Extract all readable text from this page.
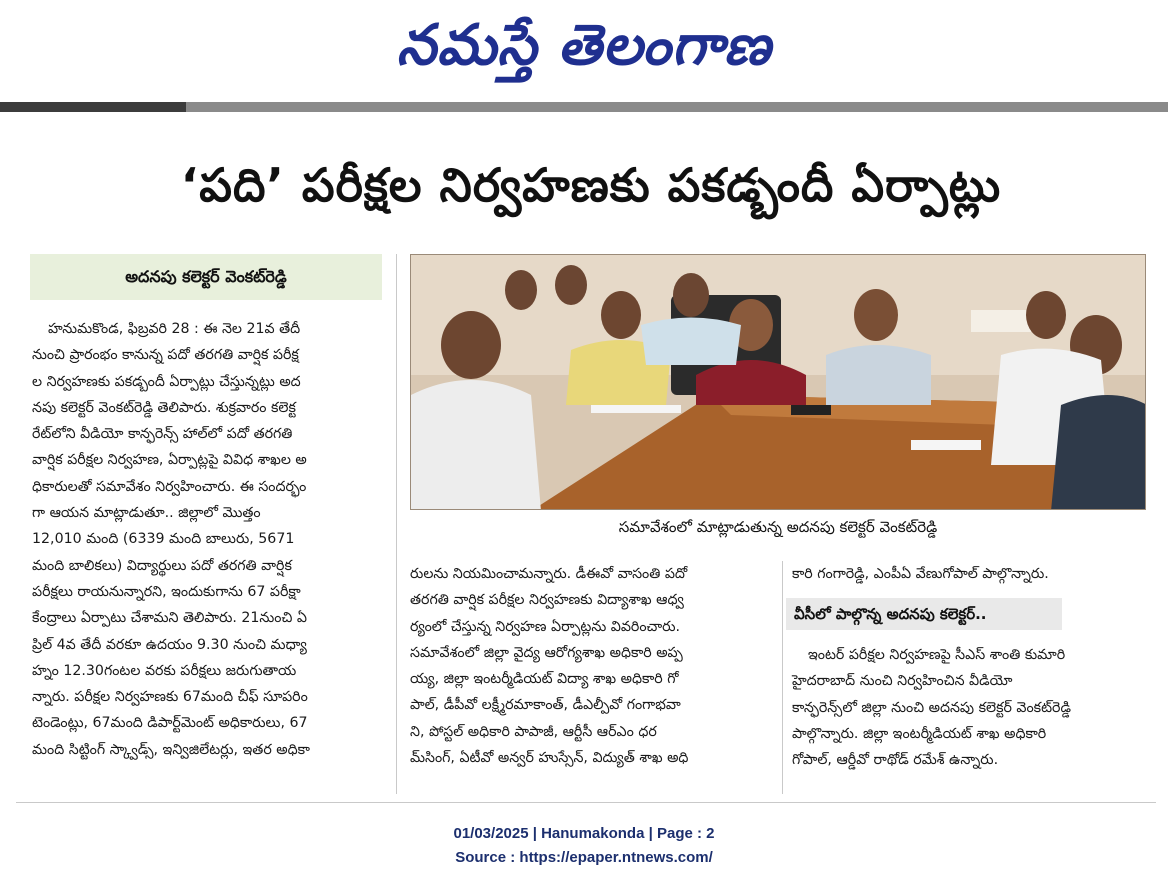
నమస్తే తెలంగాణ
‘పది’ పరీక్షల నిర్వహణకు పకడ్బందీ ఏర్పాట్లు
అదనపు కలెక్టర్ వెంకట్‌రెడ్డి
హనుమకొండ, ఫిబ్రవరి 28 : ఈ నెల 21వ తేదీ
నుంచి ప్రారంభం కానున్న పదో తరగతి వార్షిక పరీక్ష
ల నిర్వహణకు పకడ్బందీ ఏర్పాట్లు చేస్తున్నట్లు అద
నపు కలెక్టర్ వెంకట్‌రెడ్డి తెలిపారు. శుక్రవారం కలెక్ట
రేట్‌లోని వీడియో కాన్ఫరెన్స్ హాల్‌లో పదో తరగతి
వార్షిక పరీక్షల నిర్వహణ, ఏర్పాట్లపై వివిధ శాఖల అ
ధికారులతో సమావేశం నిర్వహించారు. ఈ సందర్భం
గా ఆయన మాట్లాడుతూ.. జిల్లాలో మొత్తం
12,010 మంది (6339 మంది బాలురు, 5671
మంది బాలికలు) విద్యార్థులు పదో తరగతి వార్షిక
పరీక్షలు రాయనున్నారని, ఇందుకుగాను 67 పరీక్షా
కేంద్రాలు ఏర్పాటు చేశామని తెలిపారు. 21నుంచి ఏ
ప్రిల్ 4వ తేదీ వరకూ ఉదయం 9.30 నుంచి మధ్యా
హ్నం 12.30గంటల వరకు పరీక్షలు జరుగుతాయ
న్నారు. పరీక్షల నిర్వహణకు 67మంది చీఫ్ సూపరిం
టెండెంట్లు, 67మంది డిపార్ట్‌మెంట్ అధికారులు, 67
మంది సిట్టింగ్ స్క్వాడ్స్, ఇన్విజిలేటర్లు, ఇతర అధికా
సమావేశంలో మాట్లాడుతున్న అదనపు కలెక్టర్ వెంకట్‌రెడ్డి
రులను నియమించామన్నారు. డీఈవో వాసంతి పదో
తరగతి వార్షిక పరీక్షల నిర్వహణకు విద్యాశాఖ ఆధ్వ
ర్యంలో చేస్తున్న నిర్వహణ ఏర్పాట్లను వివరించారు.
సమావేశంలో జిల్లా వైద్య ఆరోగ్యశాఖ అధికారి అప్ప
య్య, జిల్లా ఇంటర్మీడియట్ విద్యా శాఖ అధికారి గో
పాల్, డీపీవో లక్ష్మీరమాకాంత్, డీఎల్పీవో గంగాభవా
ని, పోస్టల్ అధికారి పాపాజీ, ఆర్టీసీ ఆర్ఎం ధర
మ్‌సింగ్, ఏటీవో అన్వర్ హుస్సేన్, విద్యుత్ శాఖ అధి
కారి గంగారెడ్డి, ఎంపీఏ వేణుగోపాల్ పాల్గొన్నారు.
వీసీలో పాల్గొన్న అదనపు కలెక్టర్..
ఇంటర్ పరీక్షల నిర్వహణపై సీఎస్ శాంతి కుమారి
హైదరాబాద్ నుంచి నిర్వహించిన వీడియో
కాన్ఫరెన్స్‌లో జిల్లా నుంచి అదనపు కలెక్టర్ వెంకట్‌రెడ్డి
పాల్గొన్నారు. జిల్లా ఇంటర్మీడియట్ శాఖ అధికారి
గోపాల్, ఆర్డీవో రాథోడ్ రమేశ్ ఉన్నారు.
01/03/2025 | Hanumakonda | Page : 2
Source : https://epaper.ntnews.com/
